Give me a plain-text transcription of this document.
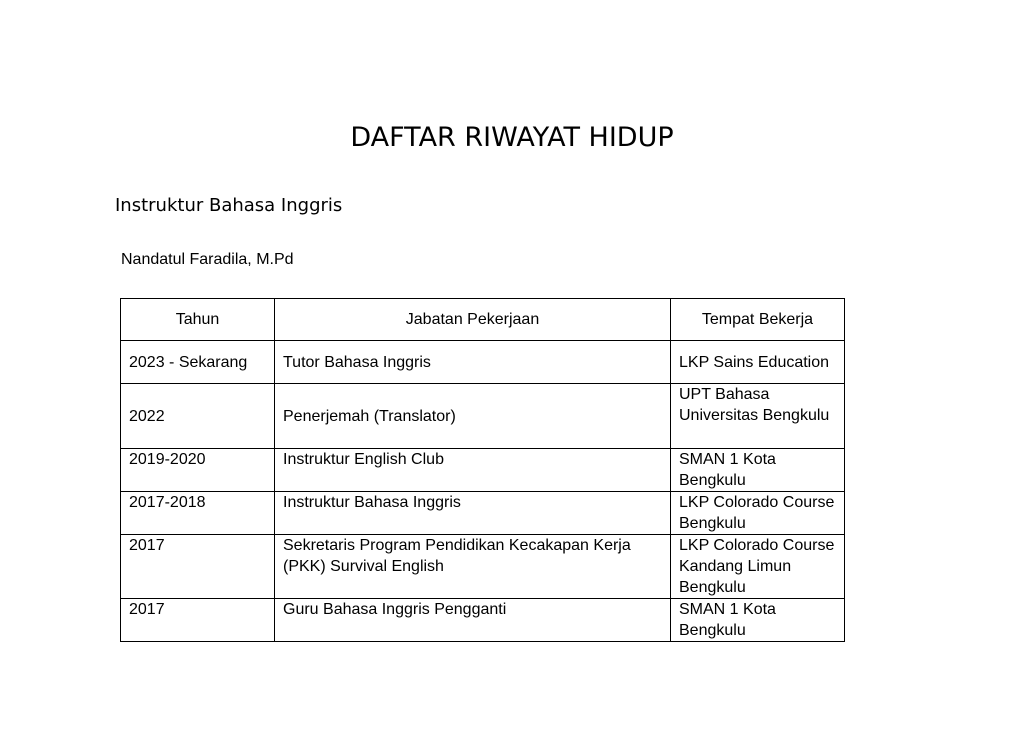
DAFTAR RIWAYAT HIDUP
Instruktur Bahasa Inggris
Nandatul Faradila, M.Pd
Tahun	Jabatan Pekerjaan	Tempat Bekerja
2023 - Sekarang	Tutor Bahasa Inggris	LKP Sains Education
2022	Penerjemah (Translator)	UPT Bahasa Universitas Bengkulu
2019-2020	Instruktur English Club	SMAN 1 Kota Bengkulu
2017-2018	Instruktur Bahasa Inggris	LKP Colorado Course Bengkulu
2017	Sekretaris Program Pendidikan Kecakapan Kerja (PKK) Survival English	LKP Colorado Course Kandang Limun Bengkulu
2017	Guru Bahasa Inggris Pengganti	SMAN 1 Kota Bengkulu
